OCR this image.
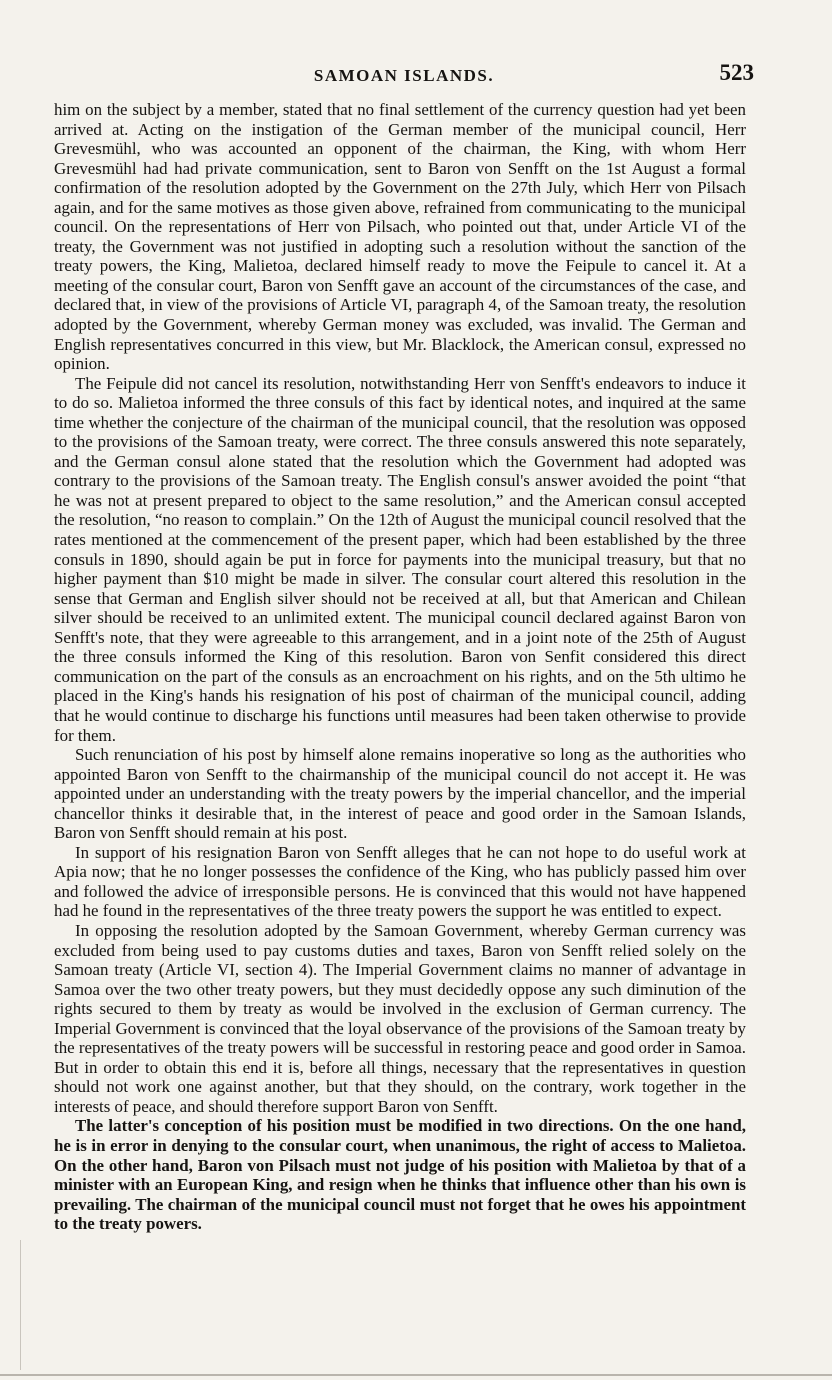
SAMOAN ISLANDS.	523

him on the subject by a member, stated that no final settlement of the currency question had yet been arrived at. Acting on the instigation of the German member of the municipal council, Herr Grevesmühl, who was accounted an opponent of the chairman, the King, with whom Herr Grevesmühl had had private communication, sent to Baron von Senfft on the 1st August a formal confirmation of the resolution adopted by the Government on the 27th July, which Herr von Pilsach again, and for the same motives as those given above, refrained from communicating to the municipal council. On the representations of Herr von Pilsach, who pointed out that, under Article VI of the treaty, the Government was not justified in adopting such a resolution without the sanction of the treaty powers, the King, Malietoa, declared himself ready to move the Feipule to cancel it. At a meeting of the consular court, Baron von Senfft gave an account of the circumstances of the case, and declared that, in view of the provisions of Article VI, paragraph 4, of the Samoan treaty, the resolution adopted by the Government, whereby German money was excluded, was invalid. The German and English representatives concurred in this view, but Mr. Blacklock, the American consul, expressed no opinion.

The Feipule did not cancel its resolution, notwithstanding Herr von Senfft's endeavors to induce it to do so. Malietoa informed the three consuls of this fact by identical notes, and inquired at the same time whether the conjecture of the chairman of the municipal council, that the resolution was opposed to the provisions of the Samoan treaty, were correct. The three consuls answered this note separately, and the German consul alone stated that the resolution which the Government had adopted was contrary to the provisions of the Samoan treaty. The English consul's answer avoided the point “that he was not at present prepared to object to the same resolution,” and the American consul accepted the resolution, “no reason to complain.” On the 12th of August the municipal council resolved that the rates mentioned at the commencement of the present paper, which had been established by the three consuls in 1890, should again be put in force for payments into the municipal treasury, but that no higher payment than $10 might be made in silver. The consular court altered this resolution in the sense that German and English silver should not be received at all, but that American and Chilean silver should be received to an unlimited extent. The municipal council declared against Baron von Senfft's note, that they were agreeable to this arrangement, and in a joint note of the 25th of August the three consuls informed the King of this resolution. Baron von Senfit considered this direct communication on the part of the consuls as an encroachment on his rights, and on the 5th ultimo he placed in the King's hands his resignation of his post of chairman of the municipal council, adding that he would continue to discharge his functions until measures had been taken otherwise to provide for them.

Such renunciation of his post by himself alone remains inoperative so long as the authorities who appointed Baron von Senfft to the chairmanship of the municipal council do not accept it. He was appointed under an understanding with the treaty powers by the imperial chancellor, and the imperial chancellor thinks it desirable that, in the interest of peace and good order in the Samoan Islands, Baron von Senfft should remain at his post.

In support of his resignation Baron von Senfft alleges that he can not hope to do useful work at Apia now; that he no longer possesses the confidence of the King, who has publicly passed him over and followed the advice of irresponsible persons. He is convinced that this would not have happened had he found in the representatives of the three treaty powers the support he was entitled to expect.

In opposing the resolution adopted by the Samoan Government, whereby German currency was excluded from being used to pay customs duties and taxes, Baron von Senfft relied solely on the Samoan treaty (Article VI, section 4). The Imperial Government claims no manner of advantage in Samoa over the two other treaty powers, but they must decidedly oppose any such diminution of the rights secured to them by treaty as would be involved in the exclusion of German currency. The Imperial Government is convinced that the loyal observance of the provisions of the Samoan treaty by the representatives of the treaty powers will be successful in restoring peace and good order in Samoa. But in order to obtain this end it is, before all things, necessary that the representatives in question should not work one against another, but that they should, on the contrary, work together in the interests of peace, and should therefore support Baron von Senfft.

The latter's conception of his position must be modified in two directions. On the one hand, he is in error in denying to the consular court, when unanimous, the right of access to Malietoa. On the other hand, Baron von Pilsach must not judge of his position with Malietoa by that of a minister with an European King, and resign when he thinks that influence other than his own is prevailing. The chairman of the municipal council must not forget that he owes his appointment to the treaty powers.
